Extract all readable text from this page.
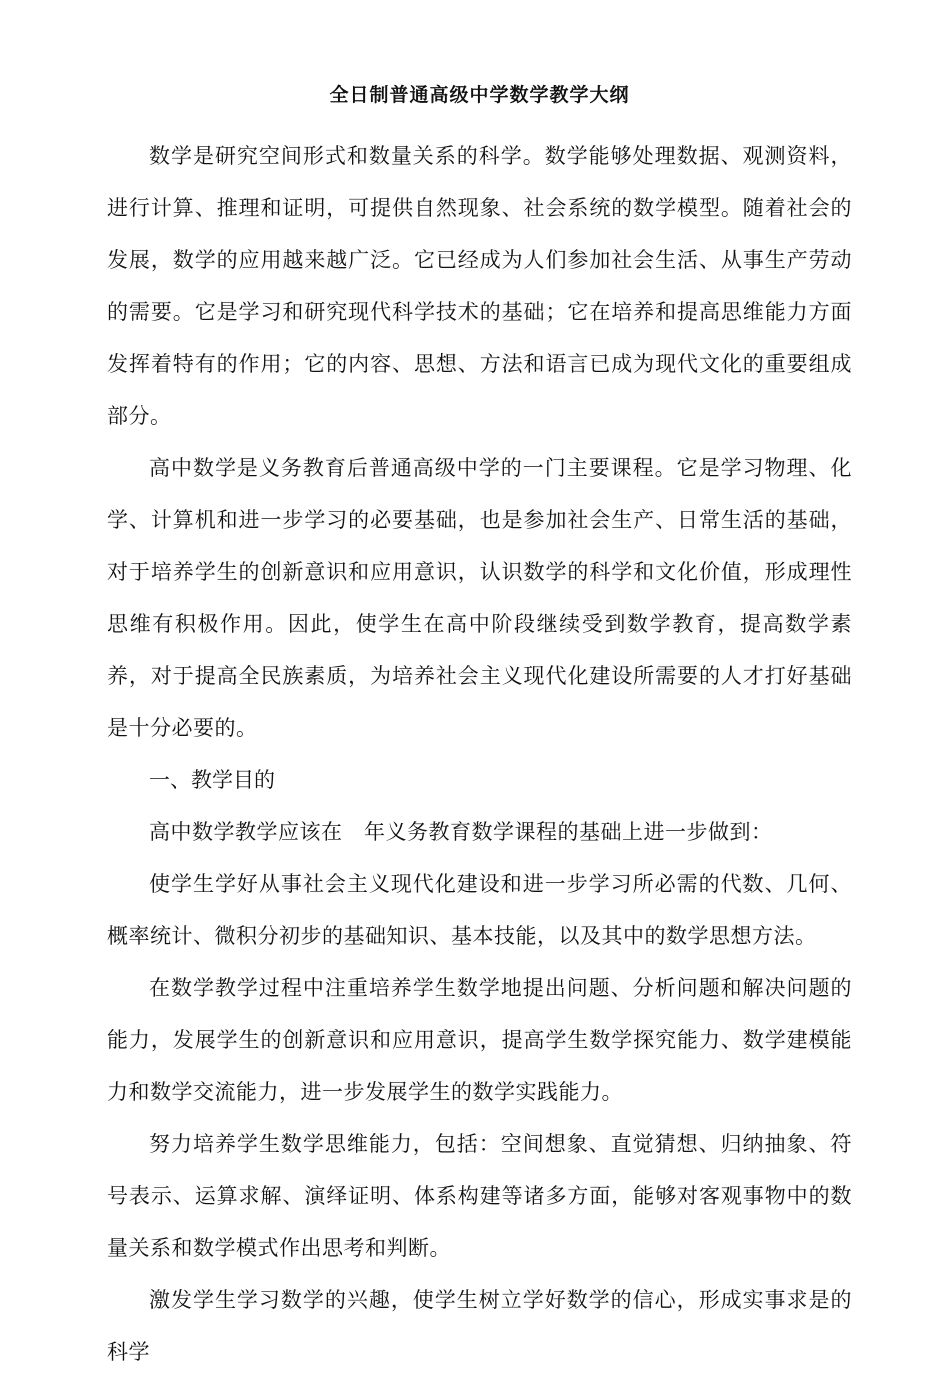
全日制普通高级中学数学教学大纲

数学是研究空间形式和数量关系的科学。数学能够处理数据、观测资料，进行计算、推理和证明，可提供自然现象、社会系统的数学模型。随着社会的发展，数学的应用越来越广泛。它已经成为人们参加社会生活、从事生产劳动的需要。它是学习和研究现代科学技术的基础；它在培养和提高思维能力方面发挥着特有的作用；它的内容、思想、方法和语言已成为现代文化的重要组成部分。

高中数学是义务教育后普通高级中学的一门主要课程。它是学习物理、化学、计算机和进一步学习的必要基础，也是参加社会生产、日常生活的基础，对于培养学生的创新意识和应用意识，认识数学的科学和文化价值，形成理性思维有积极作用。因此，使学生在高中阶段继续受到数学教育，提高数学素养，对于提高全民族素质，为培养社会主义现代化建设所需要的人才打好基础是十分必要的。

一、教学目的

高中数学教学应该在　年义务教育数学课程的基础上进一步做到：

使学生学好从事社会主义现代化建设和进一步学习所必需的代数、几何、概率统计、微积分初步的基础知识、基本技能，以及其中的数学思想方法。

在数学教学过程中注重培养学生数学地提出问题、分析问题和解决问题的能力，发展学生的创新意识和应用意识，提高学生数学探究能力、数学建模能力和数学交流能力，进一步发展学生的数学实践能力。

努力培养学生数学思维能力，包括：空间想象、直觉猜想、归纳抽象、符号表示、运算求解、演绎证明、体系构建等诸多方面，能够对客观事物中的数量关系和数学模式作出思考和判断。

激发学生学习数学的兴趣，使学生树立学好数学的信心，形成实事求是的科学
